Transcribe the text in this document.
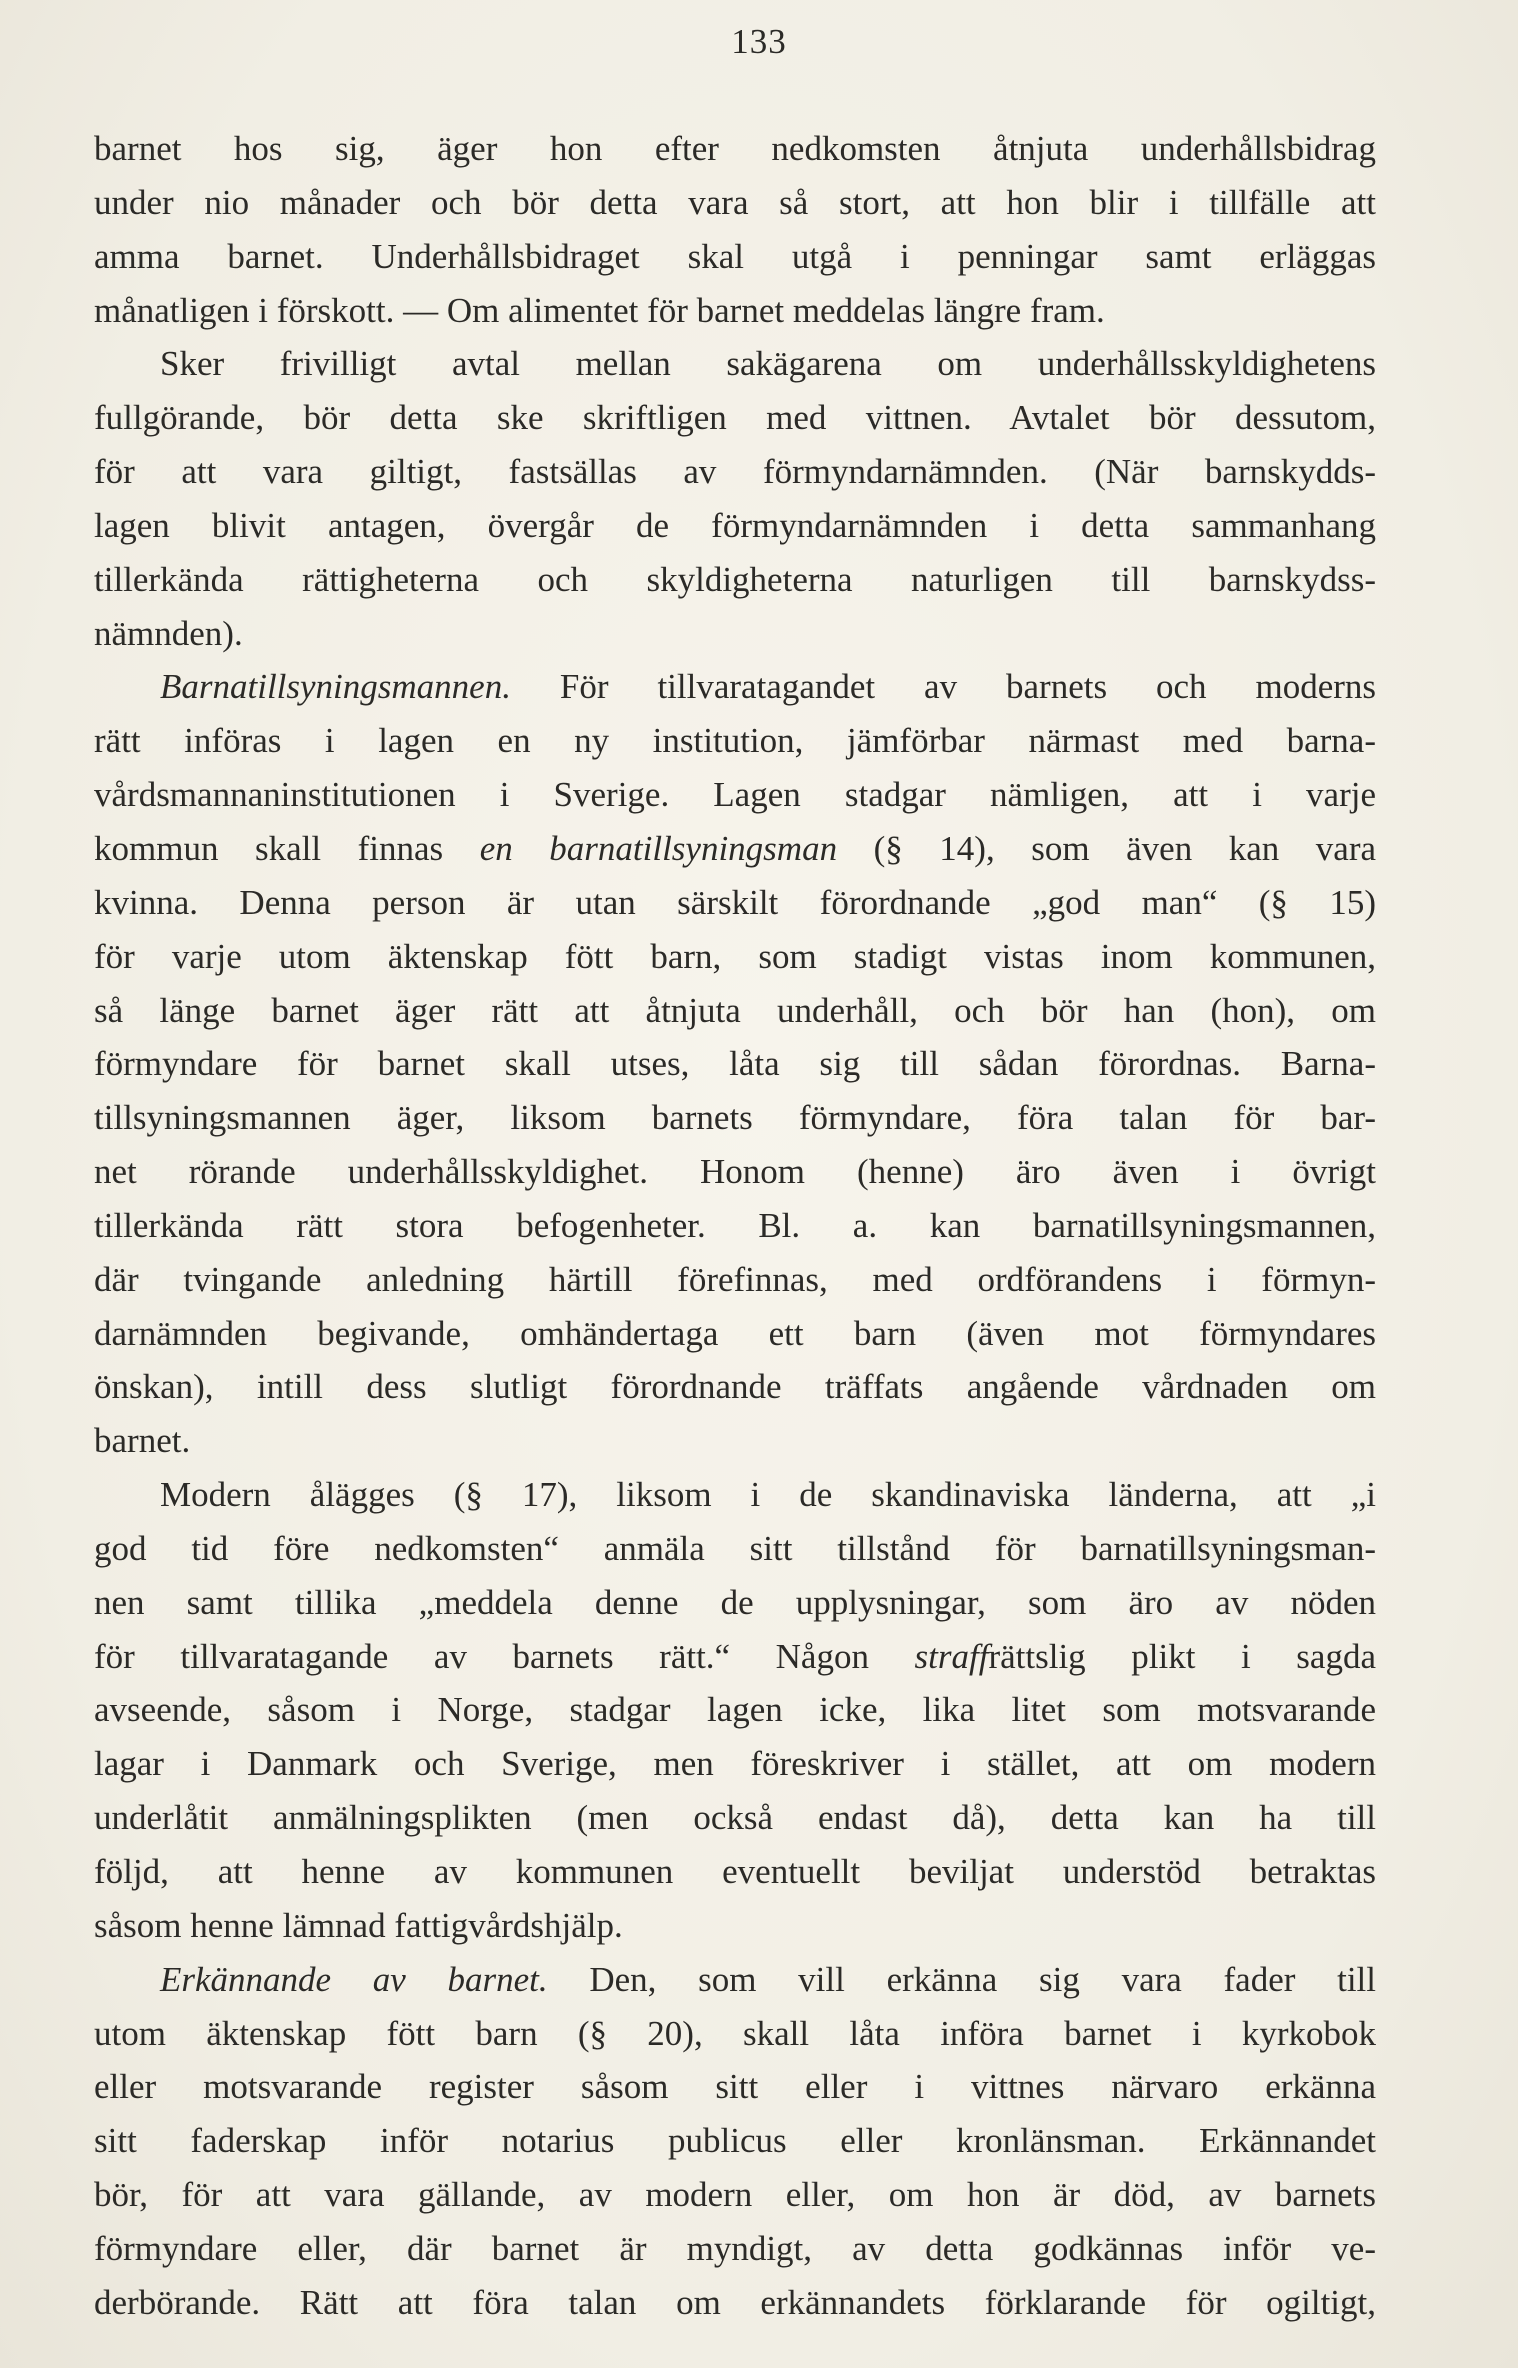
133
barnet hos sig, äger hon efter nedkomsten åtnjuta underhållsbidrag
under nio månader och bör detta vara så stort, att hon blir i tillfälle att
amma barnet. Underhållsbidraget skal utgå i penningar samt erläggas
månatligen i förskott. — Om alimentet för barnet meddelas längre fram.
Sker frivilligt avtal mellan sakägarena om underhållsskyldighetens
fullgörande, bör detta ske skriftligen med vittnen. Avtalet bör dessutom,
för att vara giltigt, fastsällas av förmyndarnämnden. (När barnskydds-
lagen blivit antagen, övergår de förmyndarnämnden i detta sammanhang
tillerkända rättigheterna och skyldigheterna naturligen till barnskydss-
nämnden).
Barnatillsyningsmannen. För tillvaratagandet av barnets och moderns
rätt införas i lagen en ny institution, jämförbar närmast med barna-
vårdsmannaninstitutionen i Sverige. Lagen stadgar nämligen, att i varje
kommun skall finnas en barnatillsyningsman (§ 14), som även kan vara
kvinna. Denna person är utan särskilt förordnande „god man“ (§ 15)
för varje utom äktenskap fött barn, som stadigt vistas inom kommunen,
så länge barnet äger rätt att åtnjuta underhåll, och bör han (hon), om
förmyndare för barnet skall utses, låta sig till sådan förordnas. Barna-
tillsyningsmannen äger, liksom barnets förmyndare, föra talan för bar-
net rörande underhållsskyldighet. Honom (henne) äro även i övrigt
tillerkända rätt stora befogenheter. Bl. a. kan barnatillsyningsmannen,
där tvingande anledning härtill förefinnas, med ordförandens i förmyn-
darnämnden begivande, omhändertaga ett barn (även mot förmyndares
önskan), intill dess slutligt förordnande träffats angående vårdnaden om
barnet.
Modern ålägges (§ 17), liksom i de skandinaviska länderna, att „i
god tid före nedkomsten“ anmäla sitt tillstånd för barnatillsyningsman-
nen samt tillika „meddela denne de upplysningar, som äro av nöden
för tillvaratagande av barnets rätt.“ Någon straffrättslig plikt i sagda
avseende, såsom i Norge, stadgar lagen icke, lika litet som motsvarande
lagar i Danmark och Sverige, men föreskriver i stället, att om modern
underlåtit anmälningsplikten (men också endast då), detta kan ha till
följd, att henne av kommunen eventuellt beviljat understöd betraktas
såsom henne lämnad fattigvårdshjälp.
Erkännande av barnet. Den, som vill erkänna sig vara fader till
utom äktenskap fött barn (§ 20), skall låta införa barnet i kyrkobok
eller motsvarande register såsom sitt eller i vittnes närvaro erkänna
sitt faderskap inför notarius publicus eller kronlänsman. Erkännandet
bör, för att vara gällande, av modern eller, om hon är död, av barnets
förmyndare eller, där barnet är myndigt, av detta godkännas inför ve-
derbörande. Rätt att föra talan om erkännandets förklarande för ogiltigt,
